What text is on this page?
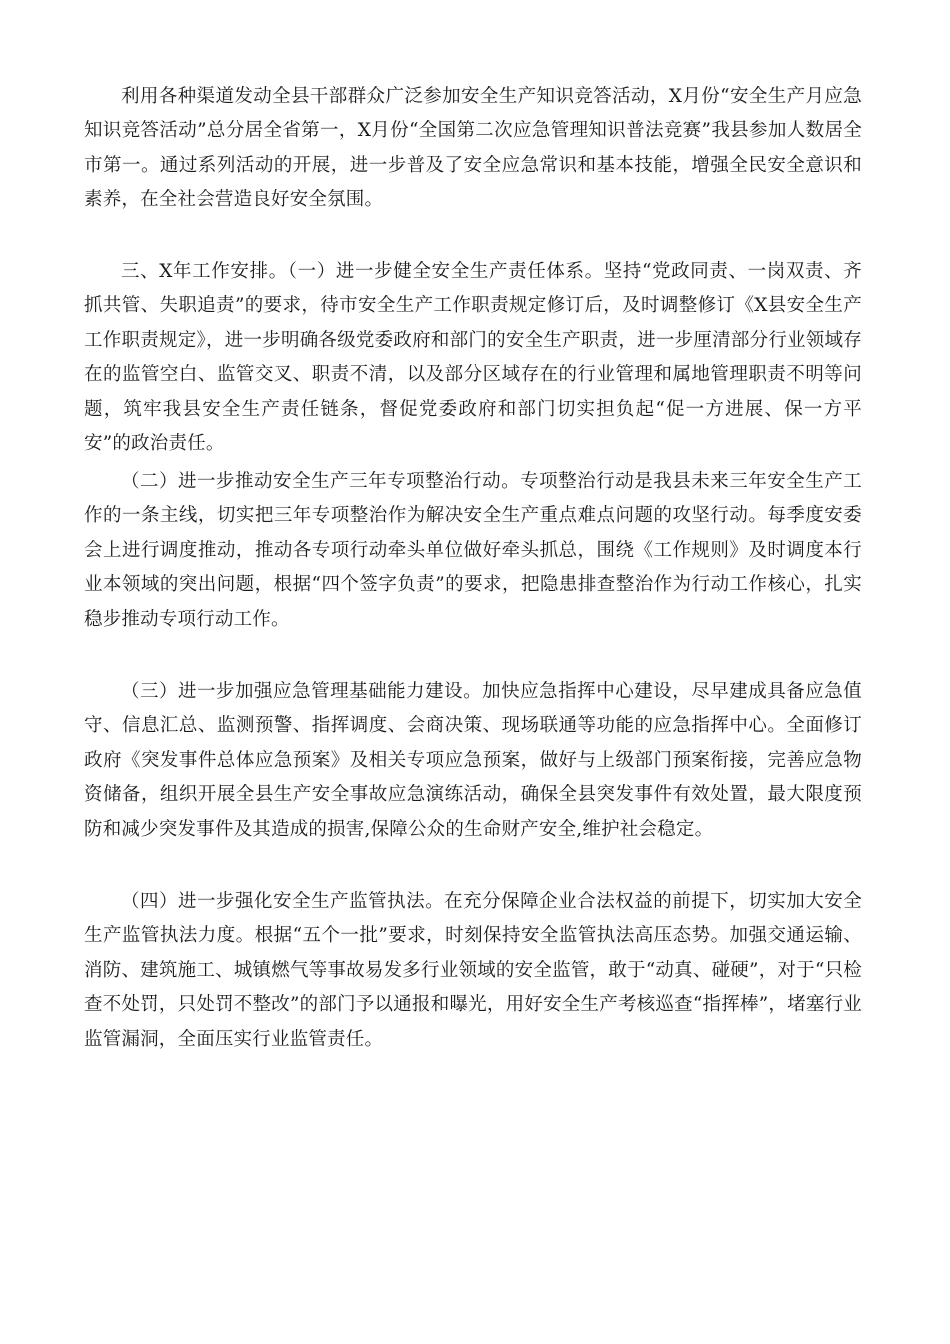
利用各种渠道发动全县干部群众广泛参加安全生产知识竞答活动，X月份“安全生产月应急知识竞答活动”总分居全省第一，X月份“全国第二次应急管理知识普法竞赛”我县参加人数居全市第一。通过系列活动的开展，进一步普及了安全应急常识和基本技能，增强全民安全意识和素养，在全社会营造良好安全氛围。

三、X年工作安排。（一）进一步健全安全生产责任体系。坚持“党政同责、一岗双责、齐抓共管、失职追责”的要求，待市安全生产工作职责规定修订后，及时调整修订《X县安全生产工作职责规定》，进一步明确各级党委政府和部门的安全生产职责，进一步厘清部分行业领域存在的监管空白、监管交叉、职责不清，以及部分区域存在的行业管理和属地管理职责不明等问题，筑牢我县安全生产责任链条，督促党委政府和部门切实担负起“促一方进展、保一方平安”的政治责任。

（二）进一步推动安全生产三年专项整治行动。专项整治行动是我县未来三年安全生产工作的一条主线，切实把三年专项整治作为解决安全生产重点难点问题的攻坚行动。每季度安委会上进行调度推动，推动各专项行动牵头单位做好牵头抓总，围绕《工作规则》及时调度本行业本领域的突出问题，根据“四个签字负责”的要求，把隐患排查整治作为行动工作核心，扎实稳步推动专项行动工作。

（三）进一步加强应急管理基础能力建设。加快应急指挥中心建设，尽早建成具备应急值守、信息汇总、监测预警、指挥调度、会商决策、现场联通等功能的应急指挥中心。全面修订政府《突发事件总体应急预案》及相关专项应急预案，做好与上级部门预案衔接，完善应急物资储备，组织开展全县生产安全事故应急演练活动，确保全县突发事件有效处置，最大限度预防和减少突发事件及其造成的损害,保障公众的生命财产安全,维护社会稳定。

（四）进一步强化安全生产监管执法。在充分保障企业合法权益的前提下，切实加大安全生产监管执法力度。根据“五个一批”要求，时刻保持安全监管执法高压态势。加强交通运输、消防、建筑施工、城镇燃气等事故易发多行业领域的安全监管，敢于“动真、碰硬”，对于“只检查不处罚，只处罚不整改”的部门予以通报和曝光，用好安全生产考核巡查“指挥棒”，堵塞行业监管漏洞，全面压实行业监管责任。
